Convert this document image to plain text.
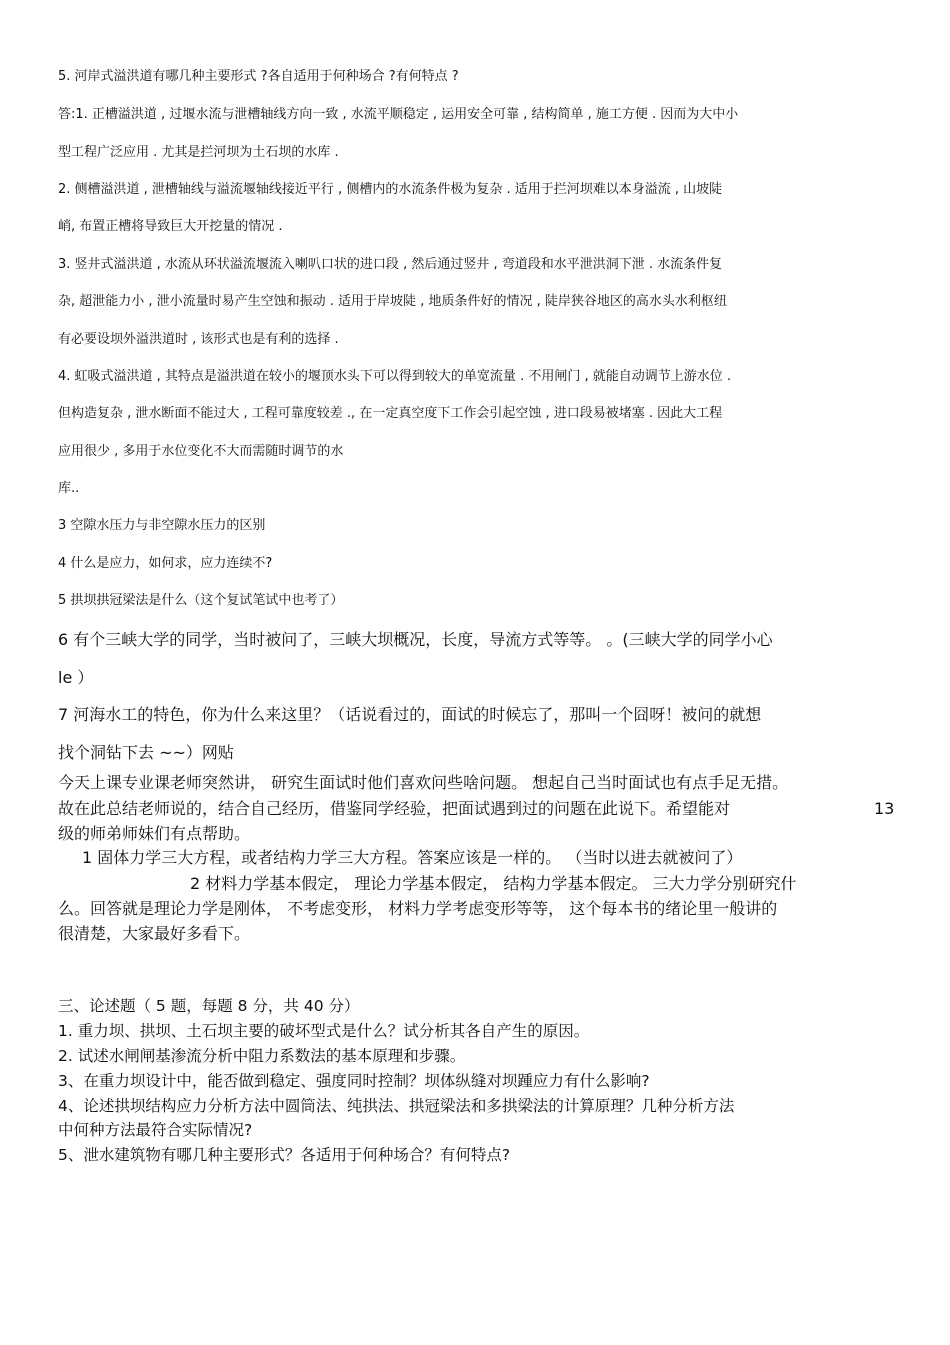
5. 河岸式溢洪道有哪几种主要形式 ?各自适用于何种场合 ?有何特点 ?
答:1. 正槽溢洪道 , 过堰水流与泄槽轴线方向一致 , 水流平顺稳定 , 运用安全可靠 , 结构简单 , 施工方便 . 因而为大中小
型工程广泛应用 . 尤其是拦河坝为土石坝的水库 .
2. 侧槽溢洪道 , 泄槽轴线与溢流堰轴线接近平行 , 侧槽内的水流条件极为复杂 . 适用于拦河坝难以本身溢流 , 山坡陡
峭, 布置正槽将导致巨大开挖量的情况 .
3. 竖井式溢洪道 , 水流从环状溢流堰流入喇叭口状的进口段 , 然后通过竖井 , 弯道段和水平泄洪洞下泄 . 水流条件复
杂, 超泄能力小 , 泄小流量时易产生空蚀和振动 . 适用于岸坡陡 , 地质条件好的情况 , 陡岸狭谷地区的高水头水利枢纽
有必要设坝外溢洪道时 , 该形式也是有利的选择 .
4. 虹吸式溢洪道 , 其特点是溢洪道在较小的堰顶水头下可以得到较大的单宽流量 . 不用闸门 , 就能自动调节上游水位 .
但构造复杂 , 泄水断面不能过大 , 工程可靠度较差 ., 在一定真空度下工作会引起空蚀 , 进口段易被堵塞 . 因此大工程
应用很少 , 多用于水位变化不大而需随时调节的水
库..
3 空隙水压力与非空隙水压力的区别
4 什么是应力，如何求，应力连续不?
5 拱坝拱冠梁法是什么（这个复试笔试中也考了）
6 有个三峡大学的同学，当时被问了，三峡大坝概况，长度，导流方式等等。 。(三峡大学的同学小心
le ）
7 河海水工的特色，你为什么来这里？（话说看过的，面试的时候忘了，那叫一个囧呀！被问的就想
找个洞钻下去 ~~）网贴
今天上课专业课老师突然讲， 研究生面试时他们喜欢问些啥问题。 想起自己当时面试也有点手足无措。
故在此总结老师说的，结合自己经历，借鉴同学经验，把面试遇到过的问题在此说下。希望能对	13
级的师弟师妹们有点帮助。
1 固体力学三大方程，或者结构力学三大方程。答案应该是一样的。 （当时以进去就被问了）
2 材料力学基本假定， 理论力学基本假定， 结构力学基本假定。 三大力学分别研究什
么。回答就是理论力学是刚体， 不考虑变形， 材料力学考虑变形等等， 这个每本书的绪论里一般讲的
很清楚，大家最好多看下。
三、论述题（ 5 题，每题 8 分，共 40 分）
1. 重力坝、拱坝、土石坝主要的破坏型式是什么？试分析其各自产生的原因。
2. 试述水闸闸基渗流分析中阻力系数法的基本原理和步骤。
3、在重力坝设计中，能否做到稳定、强度同时控制？坝体纵缝对坝踵应力有什么影响?
4、论述拱坝结构应力分析方法中圆筒法、纯拱法、拱冠梁法和多拱梁法的计算原理？几种分析方法
中何种方法最符合实际情况?
5、泄水建筑物有哪几种主要形式？各适用于何种场合？有何特点?
